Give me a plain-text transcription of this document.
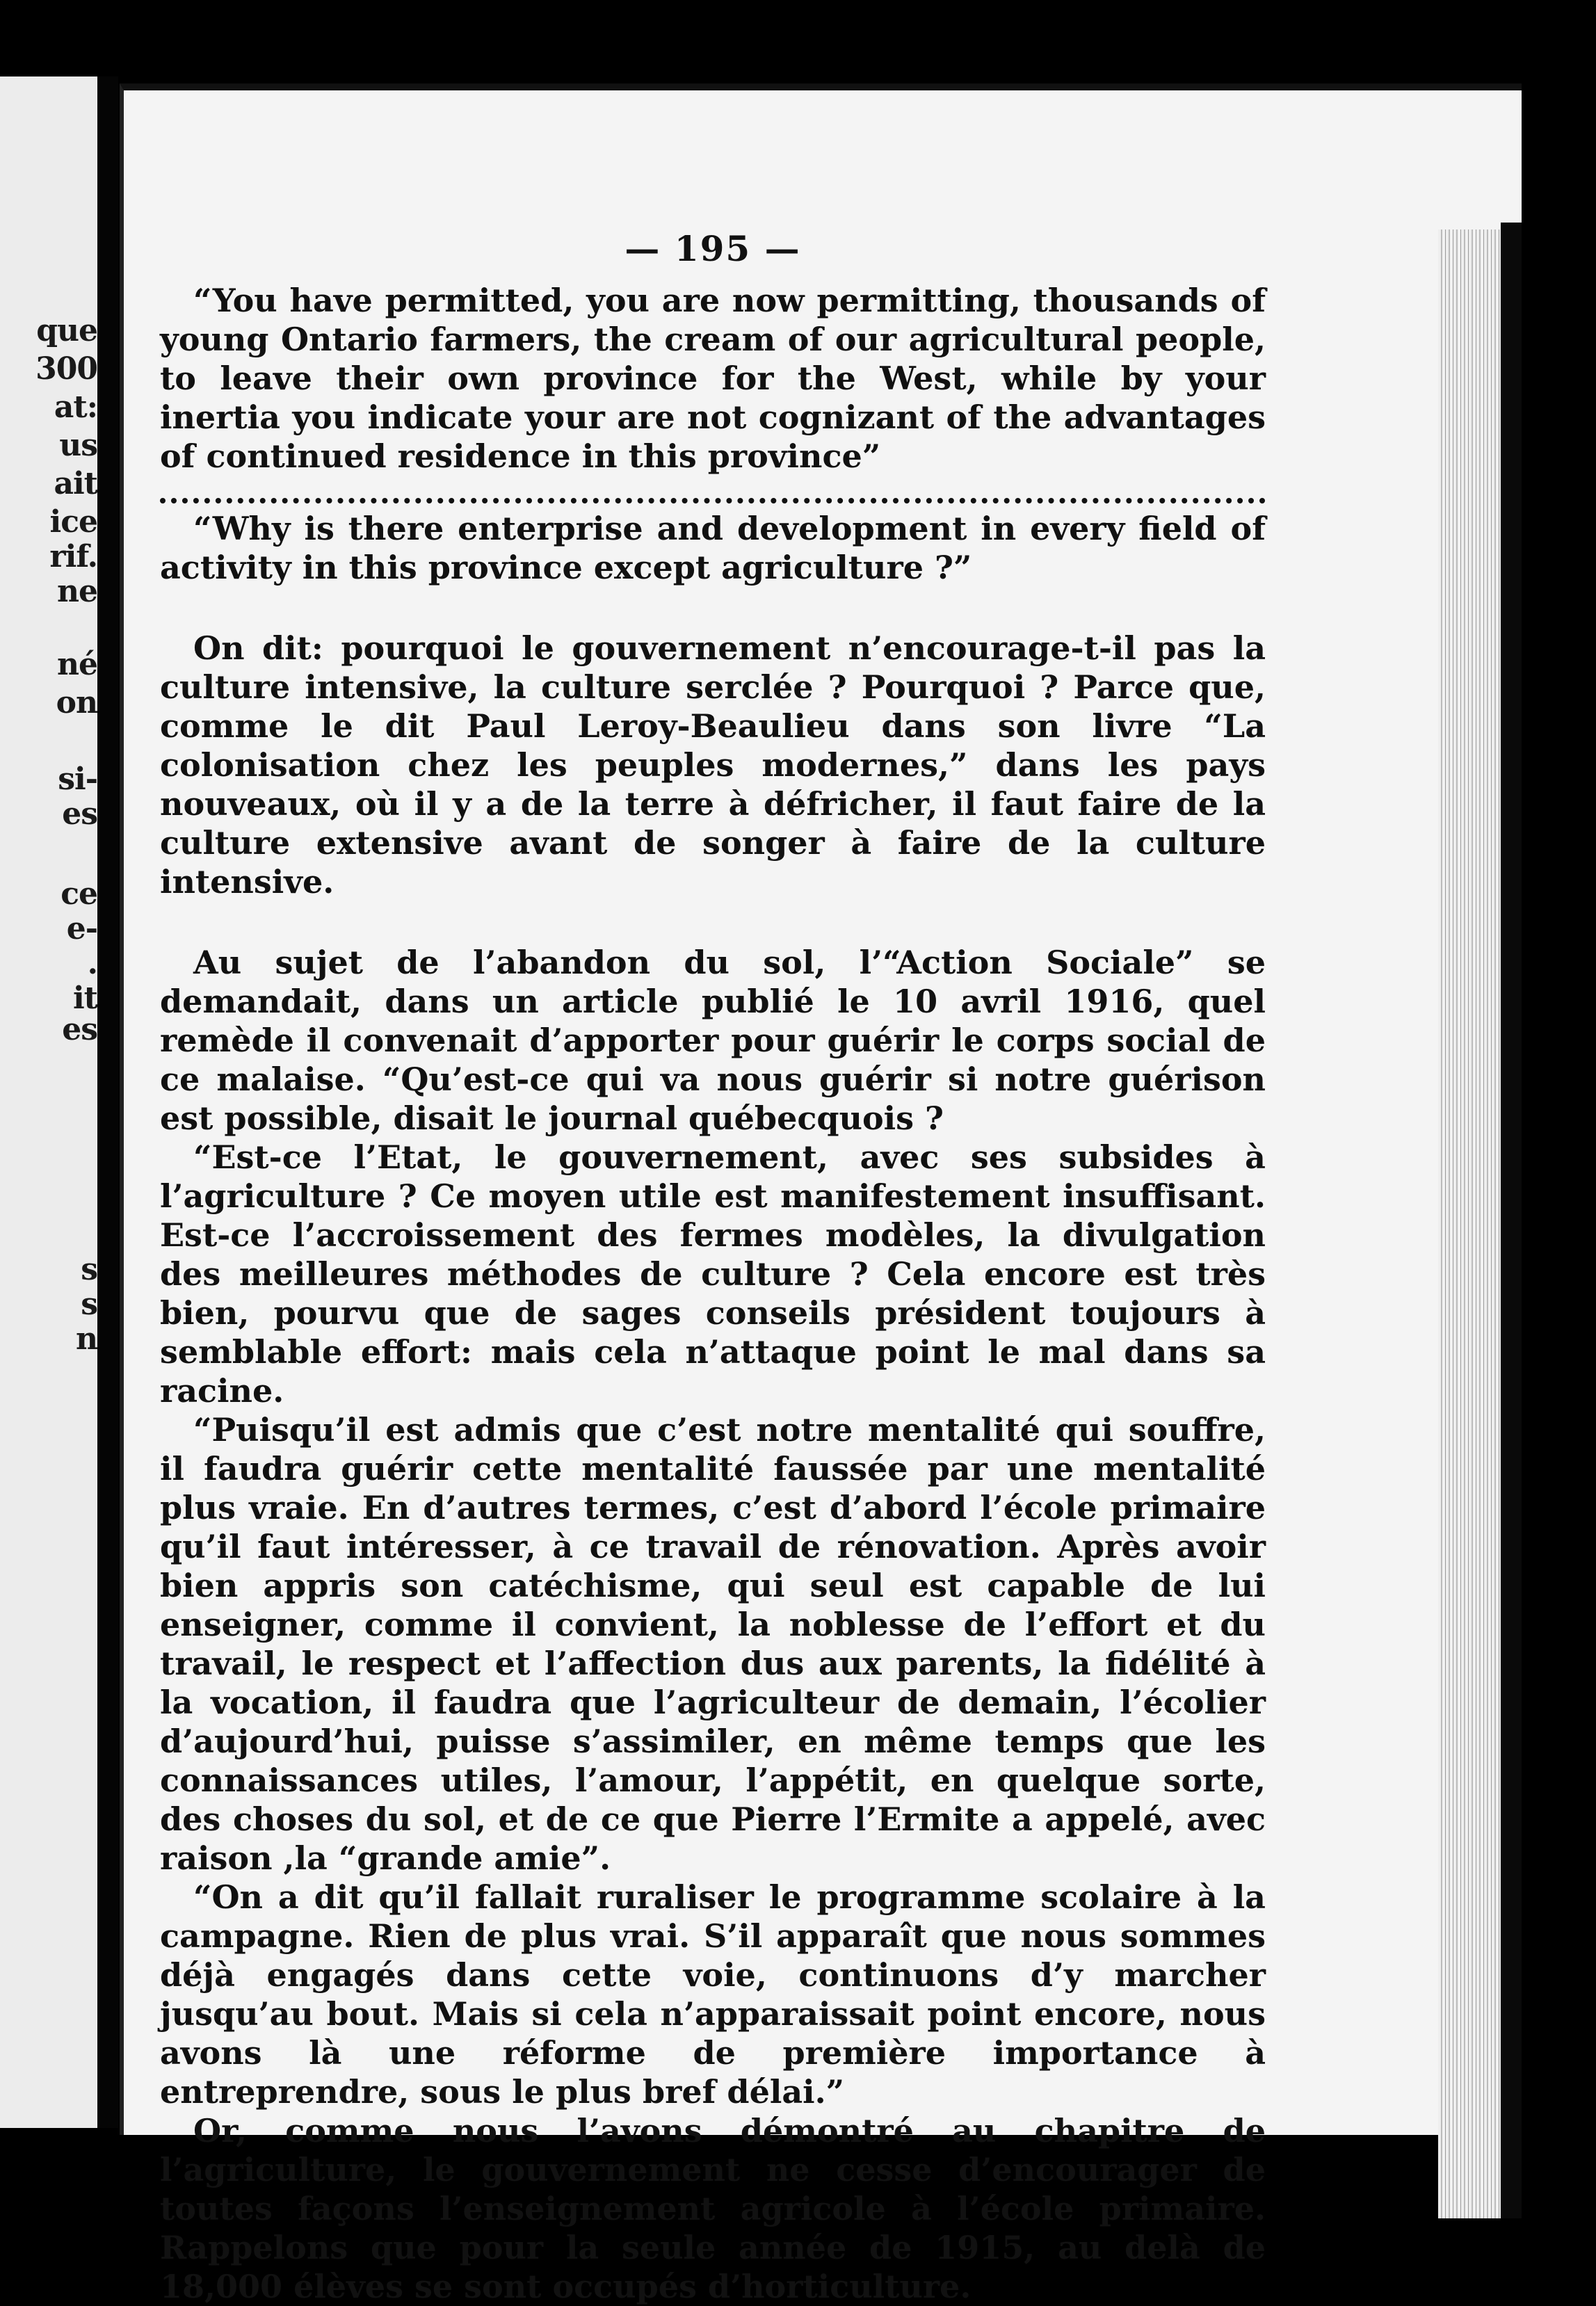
que
300
at:
us
ait
ice
rif.
ne
né
on
si-
es
ce
e-
.
it
es
s
s
n
— 195 —

“You have permitted, you are now permitting, thousands of young Ontario farmers, the cream of our agricultural people, to leave their own province for the West, while by your inertia you indicate your are not cognizant of the advantages of continued residence in this province”

“Why is there enterprise and development in every field of activity in this province except agriculture ?”

On dit: pourquoi le gouvernement n’encourage-t-il pas la culture intensive, la culture serclée ? Pourquoi ? Parce que, comme le dit Paul Leroy-Beaulieu dans son livre “La colonisation chez les peuples modernes,” dans les pays nouveaux, où il y a de la terre à défricher, il faut faire de la culture extensive avant de songer à faire de la culture intensive.

Au sujet de l’abandon du sol, l’“Action Sociale” se demandait, dans un article publié le 10 avril 1916, quel remède il convenait d’apporter pour guérir le corps social de ce malaise. “Qu’est-ce qui va nous guérir si notre guérison est possible, disait le journal québecquois ?

“Est-ce l’Etat, le gouvernement, avec ses subsides à l’agriculture ? Ce moyen utile est manifestement insuffisant. Est-ce l’accroissement des fermes modèles, la divulgation des meilleures méthodes de culture ? Cela encore est très bien, pourvu que de sages conseils président toujours à semblable effort: mais cela n’attaque point le mal dans sa racine.

“Puisqu’il est admis que c’est notre mentalité qui souffre, il faudra guérir cette mentalité faussée par une mentalité plus vraie. En d’autres termes, c’est d’abord l’école primaire qu’il faut intéresser, à ce travail de rénovation. Après avoir bien appris son catéchisme, qui seul est capable de lui enseigner, comme il convient, la noblesse de l’effort et du travail, le respect et l’affection dus aux parents, la fidélité à la vocation, il faudra que l’agriculteur de demain, l’écolier d’aujourd’hui, puisse s’assimiler, en même temps que les connaissances utiles, l’amour, l’appétit, en quelque sorte, des choses du sol, et de ce que Pierre l’Ermite a appelé, avec raison ,la “grande amie”.

“On a dit qu’il fallait ruraliser le programme scolaire à la campagne. Rien de plus vrai. S’il apparaît que nous sommes déjà engagés dans cette voie, continuons d’y marcher jusqu’au bout. Mais si cela n’apparaissait point encore, nous avons là une réforme de première importance à entreprendre, sous le plus bref délai.”

Or, comme nous l’avons démontré au chapitre de l’agriculture, le gouvernement ne cesse d’encourager de toutes façons l’enseignement agricole à l’école primaire. Rappelons que pour la seule année de 1915, au delà de 18,000 élèves se sont occupés d’horticulture.
